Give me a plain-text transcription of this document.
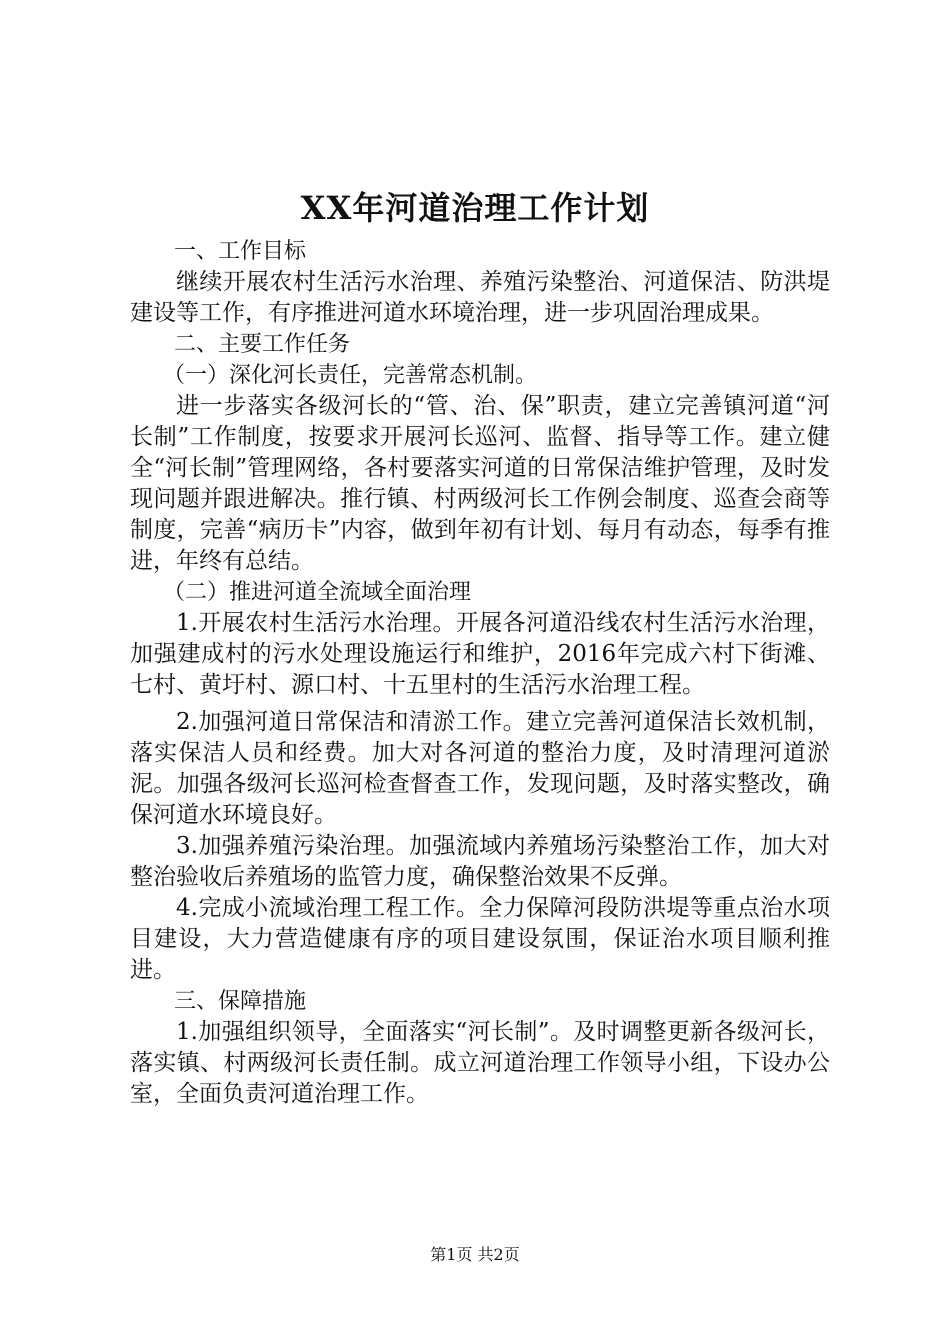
XX年河道治理工作计划
一、工作目标
继续开展农村生活污水治理、养殖污染整治、河道保洁、防洪堤建设等工作，有序推进河道水环境治理，进一步巩固治理成果。
二、主要工作任务
（一）深化河长责任，完善常态机制。
进一步落实各级河长的“管、治、保”职责，建立完善镇河道“河长制”工作制度，按要求开展河长巡河、监督、指导等工作。建立健全“河长制”管理网络，各村要落实河道的日常保洁维护管理，及时发现问题并跟进解决。推行镇、村两级河长工作例会制度、巡查会商等制度，完善“病历卡”内容，做到年初有计划、每月有动态，每季有推进，年终有总结。
（二）推进河道全流域全面治理
1.开展农村生活污水治理。开展各河道沿线农村生活污水治理，加强建成村的污水处理设施运行和维护，2016年完成六村下街滩、七村、黄圩村、源口村、十五里村的生活污水治理工程。
2.加强河道日常保洁和清淤工作。建立完善河道保洁长效机制，落实保洁人员和经费。加大对各河道的整治力度，及时清理河道淤泥。加强各级河长巡河检查督查工作，发现问题，及时落实整改，确保河道水环境良好。
3.加强养殖污染治理。加强流域内养殖场污染整治工作，加大对整治验收后养殖场的监管力度，确保整治效果不反弹。
4.完成小流域治理工程工作。全力保障河段防洪堤等重点治水项目建设，大力营造健康有序的项目建设氛围，保证治水项目顺利推进。
三、保障措施
1.加强组织领导，全面落实“河长制”。及时调整更新各级河长，落实镇、村两级河长责任制。成立河道治理工作领导小组，下设办公室，全面负责河道治理工作。
第1页 共2页
